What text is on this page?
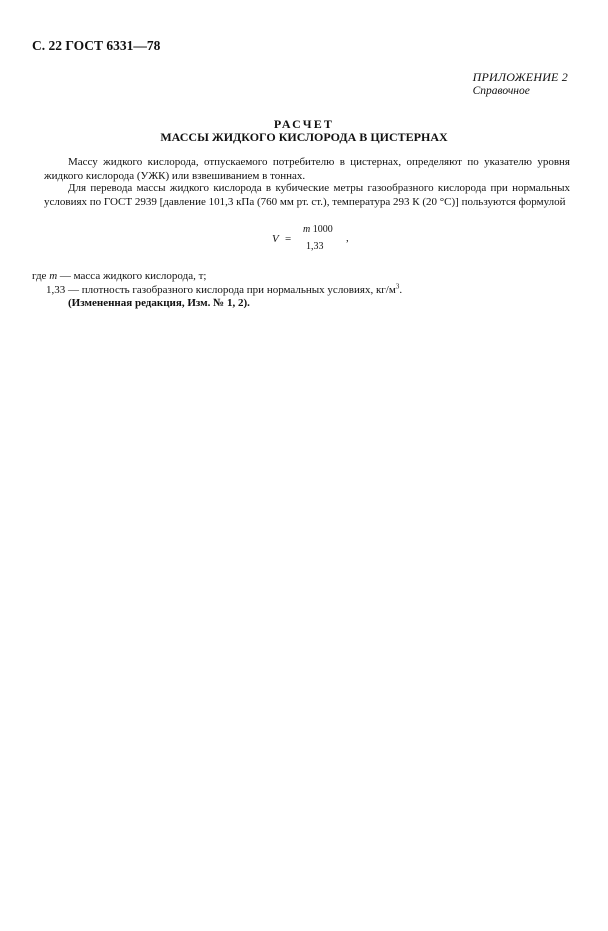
С. 22 ГОСТ 6331—78
ПРИЛОЖЕНИЕ 2
Справочное
РАСЧЕТ
МАССЫ ЖИДКОГО КИСЛОРОДА В ЦИСТЕРНАХ
Массу жидкого кислорода, отпускаемого потребителю в цистернах, определяют по указателю уровня жидкого кислорода (УЖК) или взвешиванием в тоннах.
Для перевода массы жидкого кислорода в кубические метры газообразного кислорода при нормальных условиях по ГОСТ 2939 [давление 101,3 кПа (760 мм рт. ст.), температура 293 К (20 °С)] пользуются формулой
V =
m 1000
1,33
,
где m — масса жидкого кислорода, т;
1,33 — плотность газобразного кислорода при нормальных условиях, $кг/м^3$.
(Измененная редакция, Изм. № 1, 2).
